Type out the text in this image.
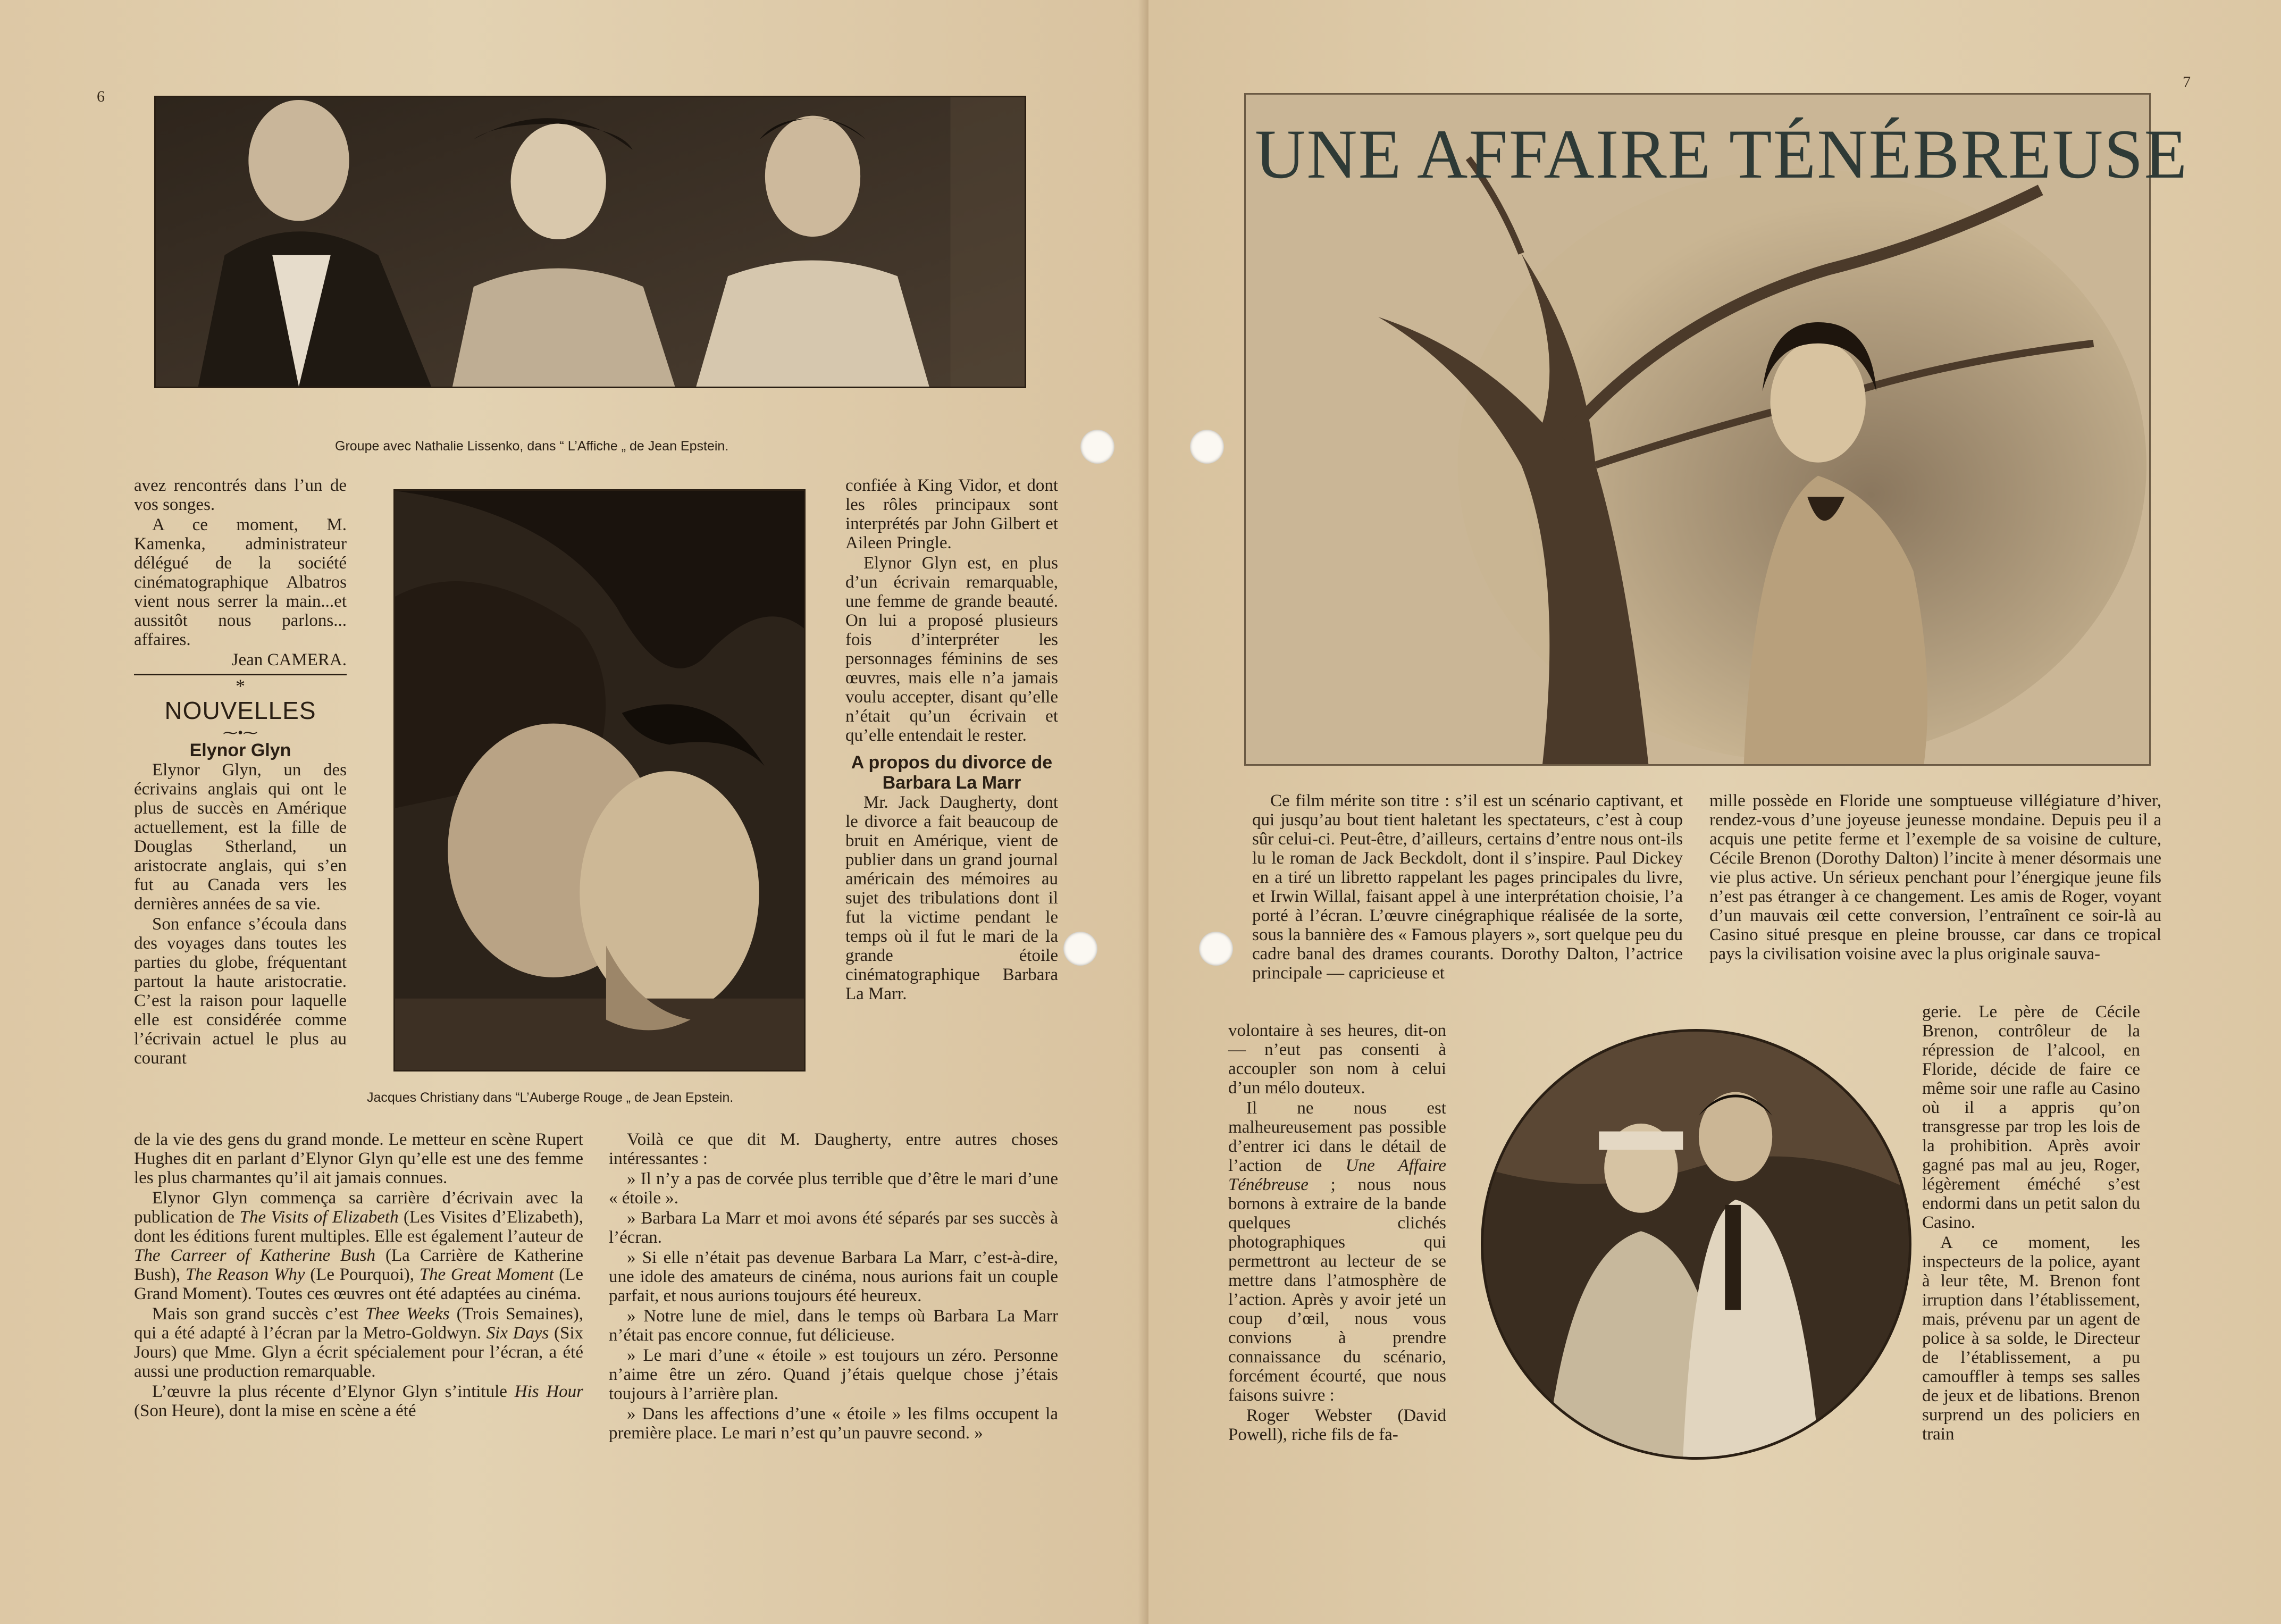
6
Groupe avec Nathalie Lissenko, dans “ L’Affiche „ de Jean Epstein.
Jacques Christiany dans “L’Auberge Rouge „ de Jean Epstein.

avez rencontrés dans l’un de vos songes.

A ce moment, M. Kamenka, administrateur délégué de la société cinématographique Albatros vient nous serrer la main...et aussitôt nous parlons... affaires.

Jean CAMERA.

*
NOUVELLES
⁓•⁓
Elynor Glyn

Elynor Glyn, un des écrivains anglais qui ont le plus de succès en Amérique actuellement, est la fille de Douglas Stherland, un aristocrate anglais, qui s’en fut au Canada vers les dernières années de sa vie.

Son enfance s’écoula dans des voyages dans toutes les parties du globe, fréquentant partout la haute aristocratie. C’est la raison pour laquelle elle est considérée comme l’écrivain actuel le plus au courant

de la vie des gens du grand monde. Le metteur en scène Rupert Hughes dit en parlant d’Elynor Glyn qu’elle est une des femme les plus charmantes qu’il ait jamais connues.

Elynor Glyn commença sa carrière d’écrivain avec la publication de The Visits of Elizabeth (Les Visites d’Elizabeth), dont les éditions furent multiples. Elle est également l’auteur de The Carreer of Katherine Bush (La Carrière de Katherine Bush), The Reason Why (Le Pourquoi), The Great Moment (Le Grand Moment). Toutes ces œuvres ont été adaptées au cinéma.

Mais son grand succès c’est Thee Weeks (Trois Semaines), qui a été adapté à l’écran par la Metro-Goldwyn. Six Days (Six Jours) que Mme. Glyn a écrit spécialement pour l’écran, a été aussi une production remarquable.

L’œuvre la plus récente d’Elynor Glyn s’intitule His Hour (Son Heure), dont la mise en scène a été

confiée à King Vidor, et dont les rôles principaux sont interprétés par John Gilbert et Aileen Pringle.

Elynor Glyn est, en plus d’un écrivain remarquable, une femme de grande beauté. On lui a proposé plusieurs fois d’interpréter les personnages féminins de ses œuvres, mais elle n’a jamais voulu accepter, disant qu’elle n’était qu’un écrivain et qu’elle entendait le rester.

A propos du divorce de Barbara La Marr

Mr. Jack Daugherty, dont le divorce a fait beaucoup de bruit en Amérique, vient de publier dans un grand journal américain des mémoires au sujet des tribulations dont il fut la victime pendant le temps où il fut le mari de la grande étoile cinématographique Barbara La Marr.

Voilà ce que dit M. Daugherty, entre autres choses intéressantes :

» Il n’y a pas de corvée plus terrible que d’être le mari d’une « étoile ».

» Barbara La Marr et moi avons été séparés par ses succès à l’écran.

» Si elle n’était pas devenue Barbara La Marr, c’est-à-dire, une idole des amateurs de cinéma, nous aurions fait un couple parfait, et nous aurions toujours été heureux.

» Notre lune de miel, dans le temps où Barbara La Marr n’était pas encore connue, fut délicieuse.

» Le mari d’une « étoile » est toujours un zéro. Personne n’aime être un zéro. Quand j’étais quelque chose j’étais toujours à l’arrière plan.

» Dans les affections d’une « étoile » les films occupent la première place. Le mari n’est qu’un pauvre second. »

7
UNE AFFAIRE TÉNÉBREUSE

Ce film mérite son titre : s’il est un scénario captivant, et qui jusqu’au bout tient haletant les spectateurs, c’est à coup sûr celui-ci. Peut-être, d’ailleurs, certains d’entre nous ont-ils lu le roman de Jack Beckdolt, dont il s’inspire. Paul Dickey en a tiré un libretto rappelant les pages principales du livre, et Irwin Willal, faisant appel à une interprétation choisie, l’a porté à l’écran. L’œuvre cinégraphique réalisée de la sorte, sous la bannière des « Famous players », sort quelque peu du cadre banal des drames courants. Dorothy Dalton, l’actrice principale — capricieuse et

volontaire à ses heures, dit-on — n’eut pas consenti à accoupler son nom à celui d’un mélo douteux.

Il ne nous est malheureusement pas possible d’entrer ici dans le détail de l’action de Une Affaire Ténébreuse ; nous nous bornons à extraire de la bande quelques clichés photographiques qui permettront au lecteur de se mettre dans l’atmosphère de l’action. Après y avoir jeté un coup d’œil, nous vous convions à prendre connaissance du scénario, forcément écourté, que nous faisons suivre :

Roger Webster (David Powell), riche fils de fa-

mille possède en Floride une somptueuse villégiature d’hiver, rendez-vous d’une joyeuse jeunesse mondaine. Depuis peu il a acquis une petite ferme et l’exemple de sa voisine de culture, Cécile Brenon (Dorothy Dalton) l’incite à mener désormais une vie plus active. Un sérieux penchant pour l’énergique jeune fils n’est pas étranger à ce changement. Les amis de Roger, voyant d’un mauvais œil cette conversion, l’entraînent ce soir-là au Casino situé presque en pleine brousse, car dans ce tropical pays la civilisation voisine avec la plus originale sauva-

gerie. Le père de Cécile Brenon, contrôleur de la répression de l’alcool, en Floride, décide de faire ce même soir une rafle au Casino où il a appris qu’on transgresse par trop les lois de la prohibition. Après avoir gagné pas mal au jeu, Roger, légèrement éméché s’est endormi dans un petit salon du Casino.

A ce moment, les inspecteurs de la police, ayant à leur tête, M. Brenon font irruption dans l’établissement, mais, prévenu par un agent de police à sa solde, le Directeur de l’établissement, a pu camouffler à temps ses salles de jeux et de libations. Brenon surprend un des policiers en train
